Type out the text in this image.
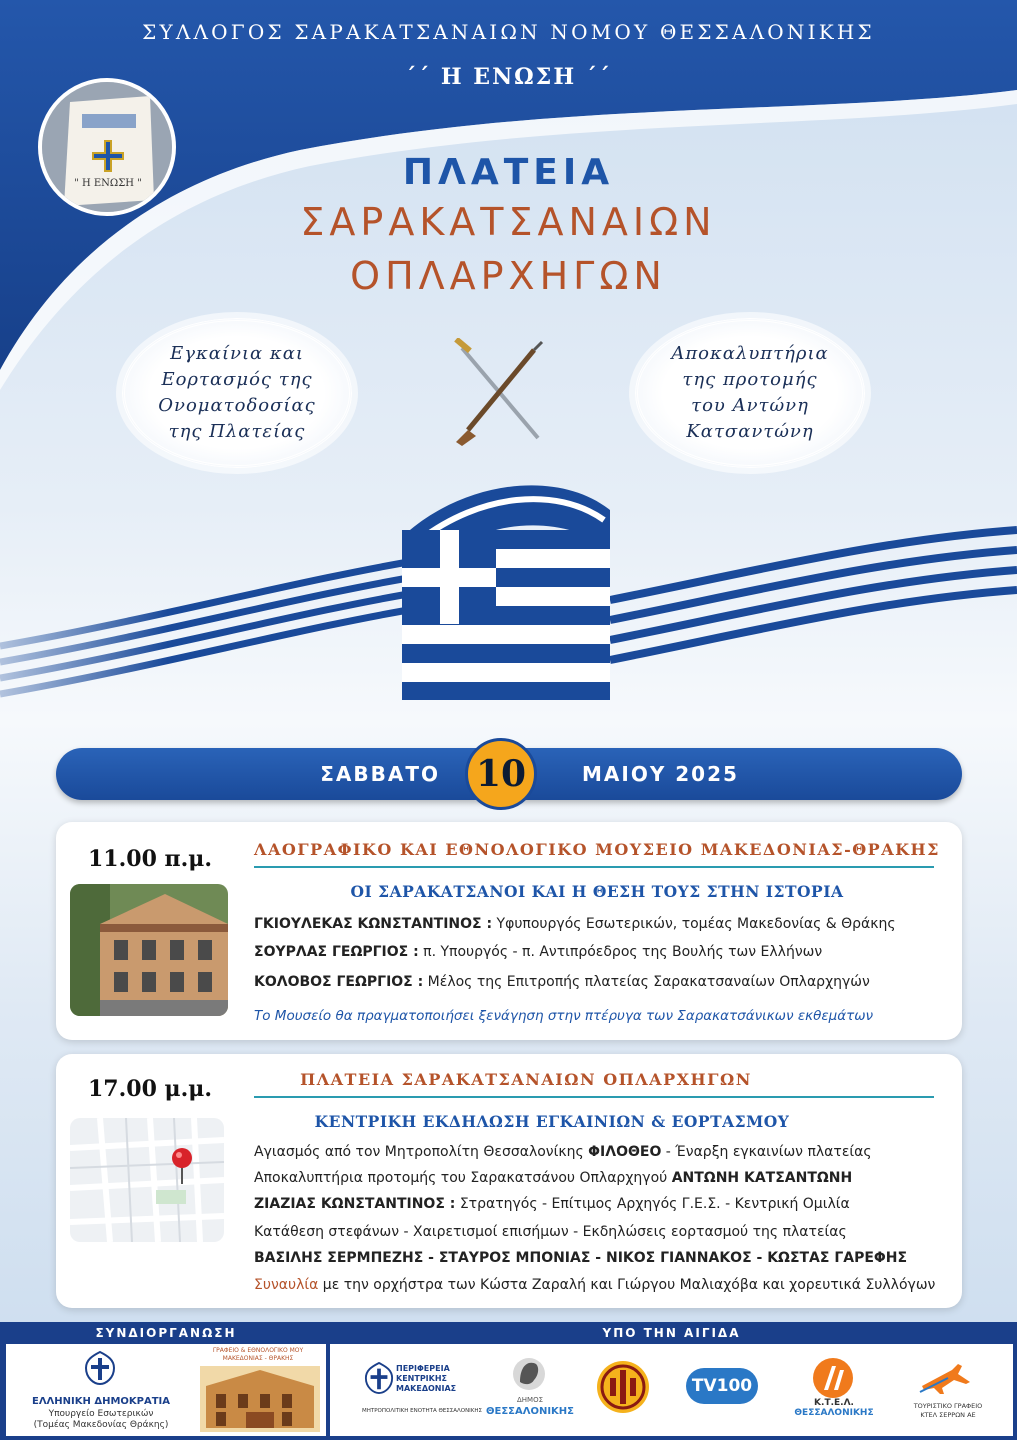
ΣΥΛΛΟΓΟΣ ΣΑΡΑΚΑΤΣΑΝΑΙΩΝ ΝΟΜΟΥ ΘΕΣΣΑΛΟΝΙΚΗΣ
´´ Η ΕΝΩΣΗ ´´
" Η ΕΝΩΣΗ "	ΠΛΑΤΕΙΑ
ΣΑΡΑΚΑΤΣΑΝΑΙΩΝ
ΟΠΛΑΡΧΗΓΩΝ
Εγκαίνια και
Εορτασμός της
Ονοματοδοσίας
της Πλατείας
Αποκαλυπτήρια
της προτομής
του Αντώνη
Κατσαντώνη
ΣΑΒΒΑΤΟ	ΜΑΙΟΥ 2025
10
11.00 π.μ.	ΛΑΟΓΡΑΦΙΚΟ ΚΑΙ ΕΘΝΟΛΟΓΙΚΟ ΜΟΥΣΕΙΟ ΜΑΚΕΔΟΝΙΑΣ-ΘΡΑΚΗΣ
ΟΙ ΣΑΡΑΚΑΤΣΑΝΟΙ ΚΑΙ Η ΘΕΣΗ ΤΟΥΣ ΣΤΗΝ ΙΣΤΟΡΙΑ
ΓΚΙΟΥΛΕΚΑΣ ΚΩΝΣΤΑΝΤΙΝΟΣ : Υφυπουργός Εσωτερικών, τομέας Μακεδονίας & Θράκης
ΣΟΥΡΛΑΣ ΓΕΩΡΓΙΟΣ : π. Υπουργός - π. Αντιπρόεδρος της Βουλής των Ελλήνων
ΚΟΛΟΒΟΣ ΓΕΩΡΓΙΟΣ : Μέλος της Επιτροπής πλατείας Σαρακατσαναίων Οπλαρχηγών
Το Μουσείο θα πραγματοποιήσει ξενάγηση στην πτέρυγα των Σαρακατσάνικων εκθεμάτων
17.00 μ.μ.	ΠΛΑΤΕΙΑ ΣΑΡΑΚΑΤΣΑΝΑΙΩΝ ΟΠΛΑΡΧΗΓΩΝ
ΚΕΝΤΡΙΚΗ ΕΚΔΗΛΩΣΗ ΕΓΚΑΙΝΙΩΝ & ΕΟΡΤΑΣΜΟΥ
Αγιασμός από τον Μητροπολίτη Θεσσαλονίκης ΦΙΛΟΘΕΟ - Έναρξη εγκαινίων πλατείας
Αποκαλυπτήρια προτομής του Σαρακατσάνου Οπλαρχηγού ΑΝΤΩΝΗ ΚΑΤΣΑΝΤΩΝΗ
ΖΙΑΖΙΑΣ ΚΩΝΣΤΑΝΤΙΝΟΣ : Στρατηγός - Επίτιμος Αρχηγός Γ.Ε.Σ. - Κεντρική Ομιλία
Κατάθεση στεφάνων - Χαιρετισμοί επισήμων - Εκδηλώσεις εορτασμού της πλατείας
ΒΑΣΙΛΗΣ ΣΕΡΜΠΕΖΗΣ - ΣΤΑΥΡΟΣ ΜΠΟΝΙΑΣ - ΝΙΚΟΣ ΓΙΑΝΝΑΚΟΣ - ΚΩΣΤΑΣ ΓΑΡΕΦΗΣ
Συναυλία με την ορχήστρα των Κώστα Ζαραλή και Γιώργου Μαλιαχόβα και χορευτικά Συλλόγων
ΣΥΝΔΙΟΡΓΑΝΩΣΗ	ΥΠΟ ΤΗΝ ΑΙΓΙΔΑ
ΕΛΛΗΝΙΚΗ ΔΗΜΟΚΡΑΤΙΑ
Υπουργείο Εσωτερικών
(Τομέας Μακεδονίας Θράκης)
ΓΡΑΦΕΙΟ & ΕΘΝΟΛΟΓΙΚΟ ΜΟΥ ΜΑΚΕΔΟΝΙΑΣ - ΘΡΑΚΗΣ
ΠΕΡΙΦΕΡΕΙΑ
ΚΕΝΤΡΙΚΗΣ
ΜΑΚΕΔΟΝΙΑΣ
ΜΗΤΡΟΠΟΛΙΤΙΚΗ ΕΝΟΤΗΤΑ ΘΕΣΣΑΛΟΝΙΚΗΣ
ΔΗΜΟΣ
ΘΕΣΣΑΛΟΝΙΚΗΣ
TV100
Κ.Τ.Ε.Λ.
ΘΕΣΣΑΛΟΝΙΚΗΣ
ΤΟΥΡΙΣΤΙΚΟ ΓΡΑΦΕΙΟ
ΚΤΕΛ ΣΕΡΡΩΝ ΑΕ
